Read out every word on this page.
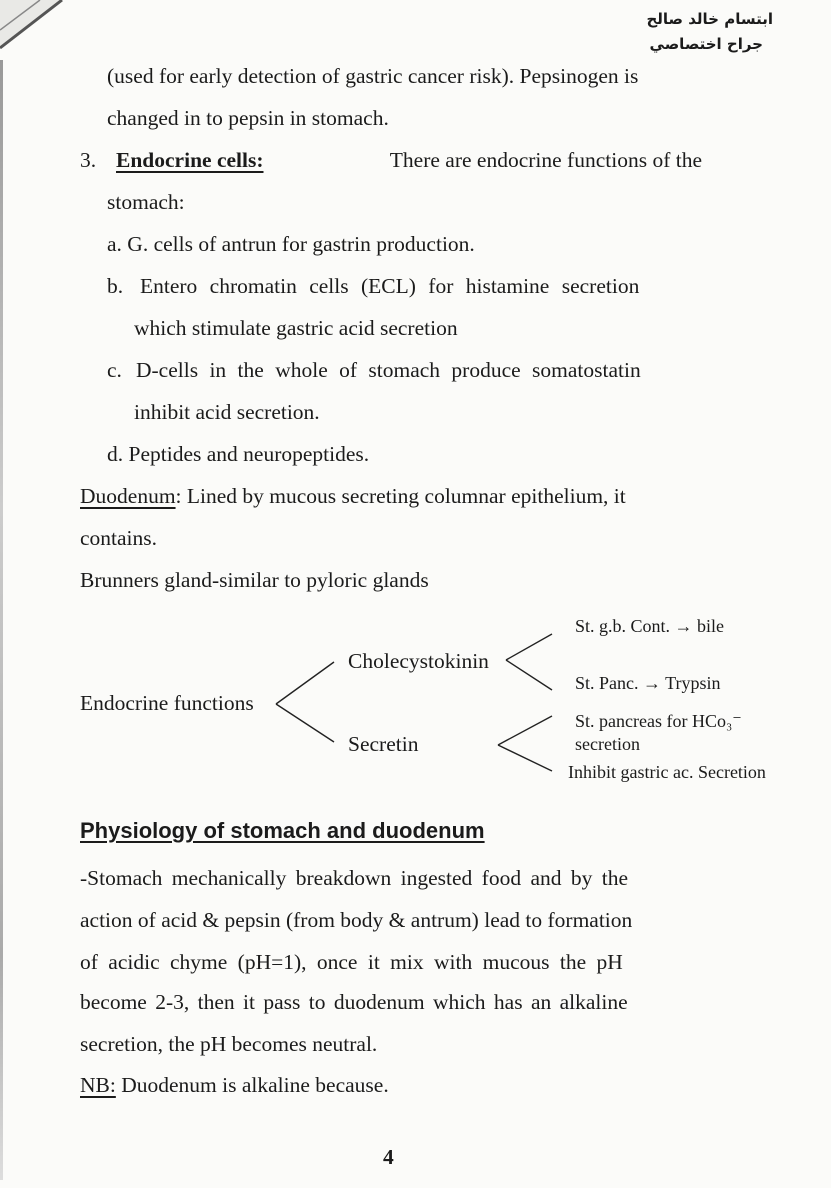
ابتسام خالد صالح
جراح اختصاصي
(used for early detection of gastric cancer risk). Pepsinogen is
changed in to pepsin in stomach.
3. Endocrine cells:	There are endocrine functions of the
stomach:
a. G. cells of antrun for gastrin production.
b. Entero chromatin cells (ECL) for histamine secretion
which stimulate gastric acid secretion
c. D-cells in the whole of stomach produce somatostatin
inhibit acid secretion.
d. Peptides and neuropeptides.
Duodenum: Lined by mucous secreting columnar epithelium, it
contains.
Brunners gland-similar to pyloric glands
Endocrine functions
Cholecystokinin
Secretin
St. g.b. Cont. → bile
St. Panc. → Trypsin
St. pancreas for HCo₃⁻
secretion
Inhibit gastric ac. Secretion
Physiology of stomach and duodenum
-Stomach mechanically breakdown ingested food and by the
action of acid & pepsin (from body & antrum) lead to formation
of acidic chyme (pH=1), once it mix with mucous the pH
become 2-3, then it pass to duodenum which has an alkaline
secretion, the pH becomes neutral.
NB: Duodenum is alkaline because.
4
